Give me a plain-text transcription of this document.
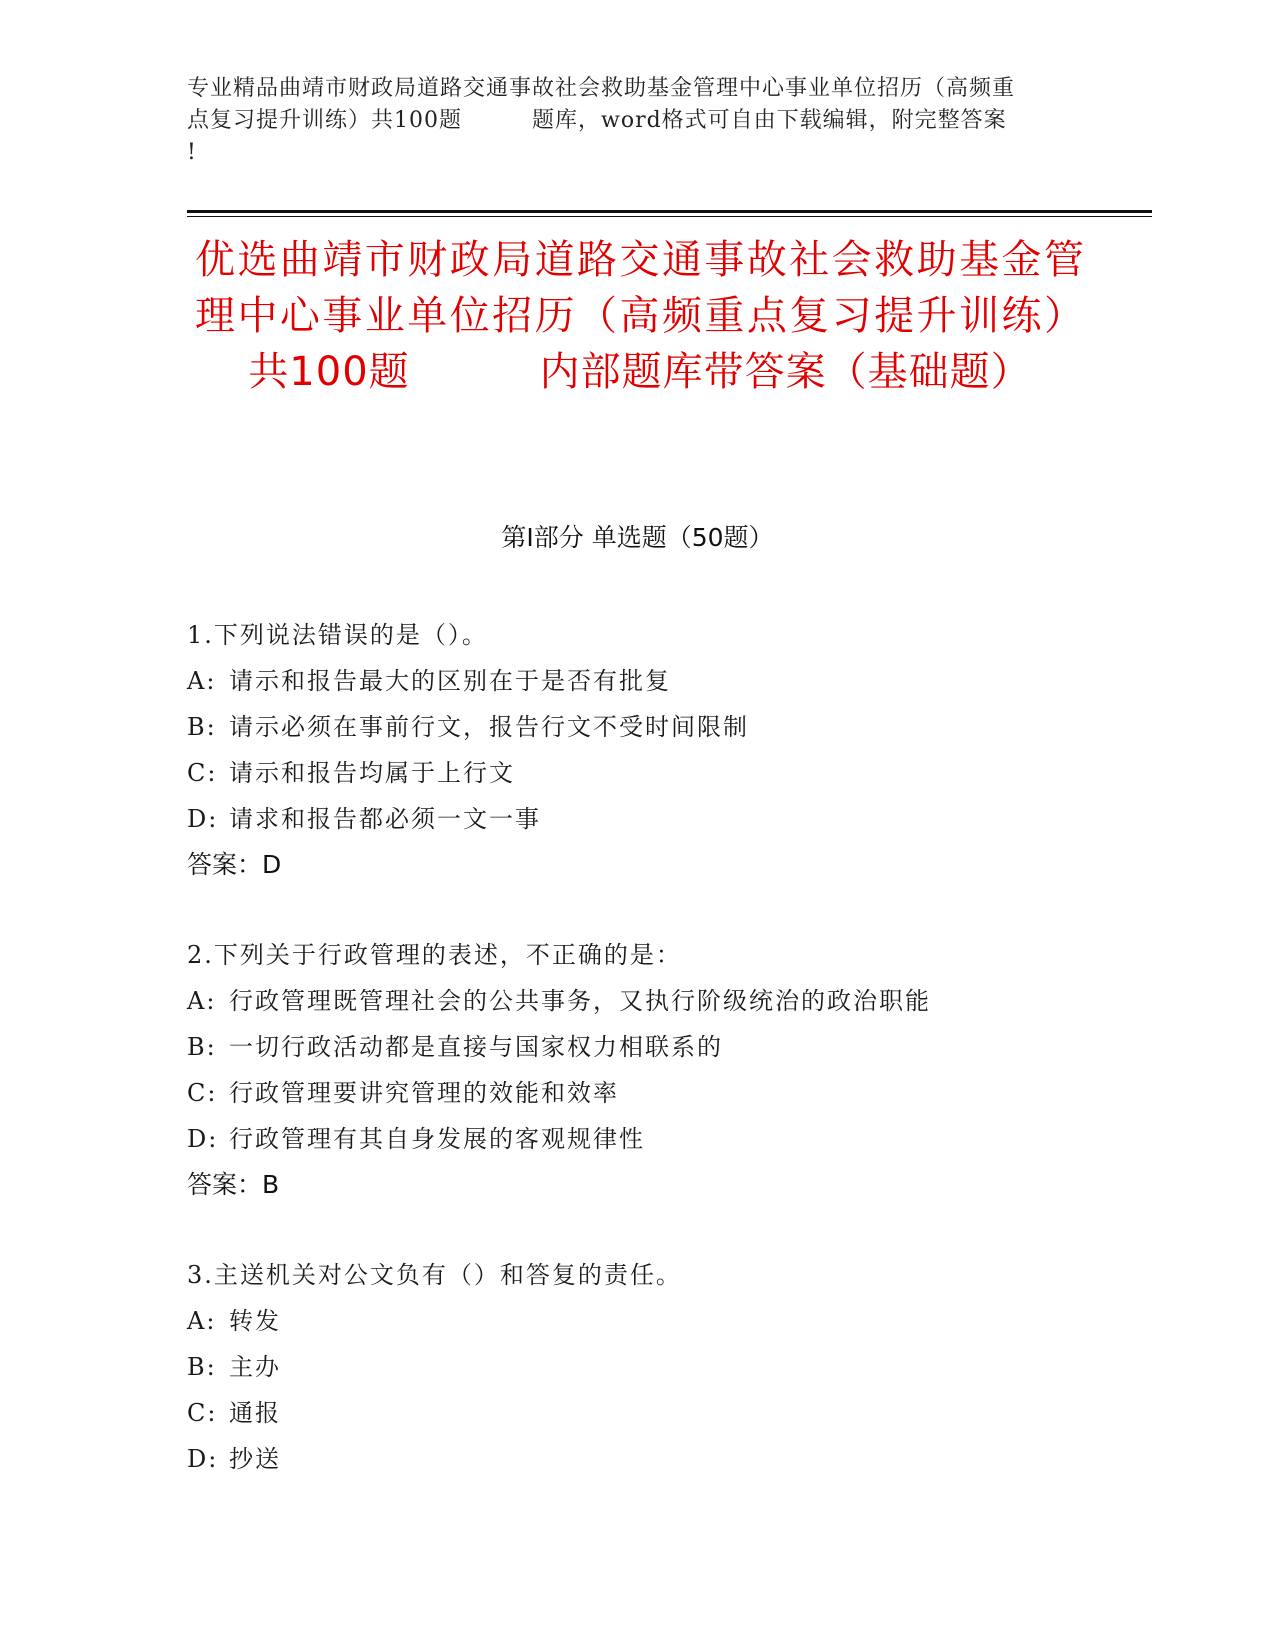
专业精品曲靖市财政局道路交通事故社会救助基金管理中心事业单位招历（高频重
点复习提升训练）共100题	题库，word格式可自由下载编辑，附完整答案
!
优选曲靖市财政局道路交通事故社会救助基金管理中心事业单位招历（高频重点复习提升训练）共100题	内部题库带答案（基础题）
第I部分 单选题（50题）
1.下列说法错误的是（）。
A: 请示和报告最大的区别在于是否有批复
B: 请示必须在事前行文，报告行文不受时间限制
C: 请示和报告均属于上行文
D: 请求和报告都必须一文一事
答案：D
2.下列关于行政管理的表述，不正确的是：
A: 行政管理既管理社会的公共事务，又执行阶级统治的政治职能
B: 一切行政活动都是直接与国家权力相联系的
C: 行政管理要讲究管理的效能和效率
D: 行政管理有其自身发展的客观规律性
答案：B
3.主送机关对公文负有（）和答复的责任。
A: 转发
B: 主办
C: 通报
D: 抄送
